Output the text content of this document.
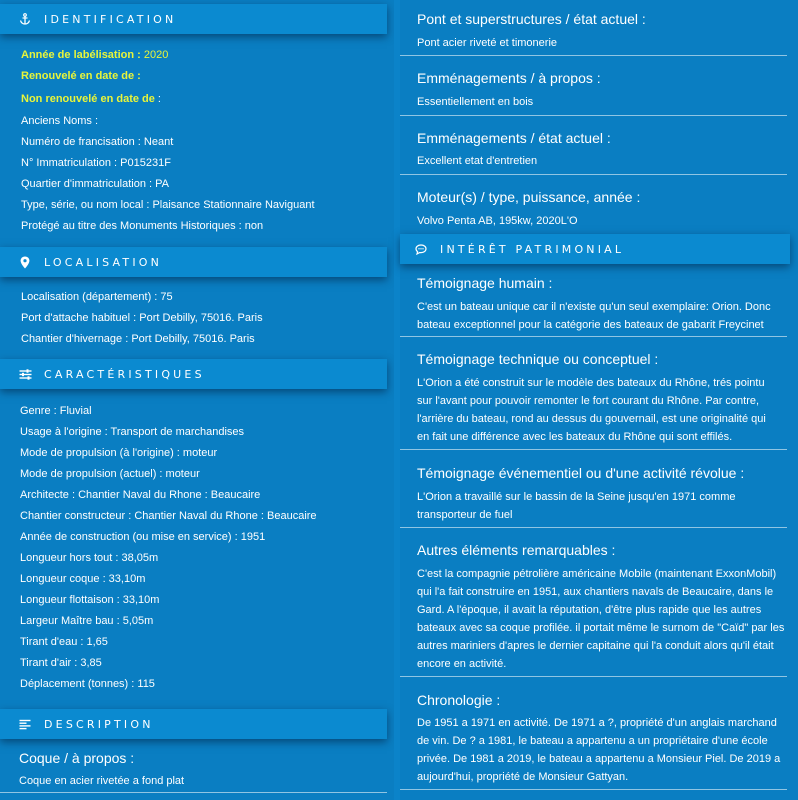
IDENTIFICATION
Année de labélisation : 2020
Renouvelé en date de :
Non renouvelé en date de :
Anciens Noms :
Numéro de francisation : Neant
N° Immatriculation : P015231F
Quartier d'immatriculation : PA
Type, série, ou nom local : Plaisance Stationnaire Naviguant
Protégé au titre des Monuments Historiques : non
LOCALISATION
Localisation (département) : 75
Port d'attache habituel : Port Debilly, 75016. Paris
Chantier d'hivernage : Port Debilly, 75016. Paris
CARACTÉRISTIQUES
Genre : Fluvial
Usage à l'origine : Transport de marchandises
Mode de propulsion (à l'origine) : moteur
Mode de propulsion (actuel) : moteur
Architecte : Chantier Naval du Rhone : Beaucaire
Chantier constructeur : Chantier Naval du Rhone : Beaucaire
Année de construction (ou mise en service) : 1951
Longueur hors tout : 38,05m
Longueur coque : 33,10m
Longueur flottaison : 33,10m
Largeur Maître bau : 5,05m
Tirant d'eau : 1,65
Tirant d'air : 3,85
Déplacement (tonnes) : 115
DESCRIPTION
Coque / à propos :
Coque en acier rivetée a fond plat
Pont et superstructures / état actuel :
Pont acier riveté et timonerie
Emménagements / à propos :
Essentiellement en bois
Emménagements / état actuel :
Excellent etat d'entretien
Moteur(s) / type, puissance, année :
Volvo Penta AB, 195kw, 2020L'O
INTÉRÊT PATRIMONIAL
Témoignage humain :
C'est un bateau unique car il n'existe qu'un seul exemplaire: Orion. Donc
bateau exceptionnel pour la catégorie des bateaux de gabarit Freycinet
Témoignage technique ou conceptuel :
L'Orion a été construit sur le modèle des bateaux du Rhône, trés pointu
sur l'avant pour pouvoir remonter le fort courant du Rhône. Par contre,
l'arrière du bateau, rond au dessus du gouvernail, est une originalité qui
en fait une différence avec les bateaux du Rhône qui sont effilés.
Témoignage événementiel ou d'une activité révolue :
L'Orion a travaillé sur le bassin de la Seine jusqu'en 1971 comme
transporteur de fuel
Autres éléments remarquables :
C'est la compagnie pétrolière américaine Mobile (maintenant ExxonMobil)
qui l'a fait construire en 1951, aux chantiers navals de Beaucaire, dans le
Gard. A l'époque, il avait la réputation, d'être plus rapide que les autres
bateaux avec sa coque profilée. il portait même le surnom de "Caïd" par les
autres mariniers d'apres le dernier capitaine qui l'a conduit alors qu'il était
encore en activité.
Chronologie :
De 1951 a 1971 en activité. De 1971 a ?, propriété d'un anglais marchand
de vin. De ? a 1981, le bateau a appartenu a un propriétaire d'une école
privée. De 1981 a 2019, le bateau a appartenu a Monsieur Piel. De 2019 a
aujourd'hui, propriété de Monsieur Gattyan.
